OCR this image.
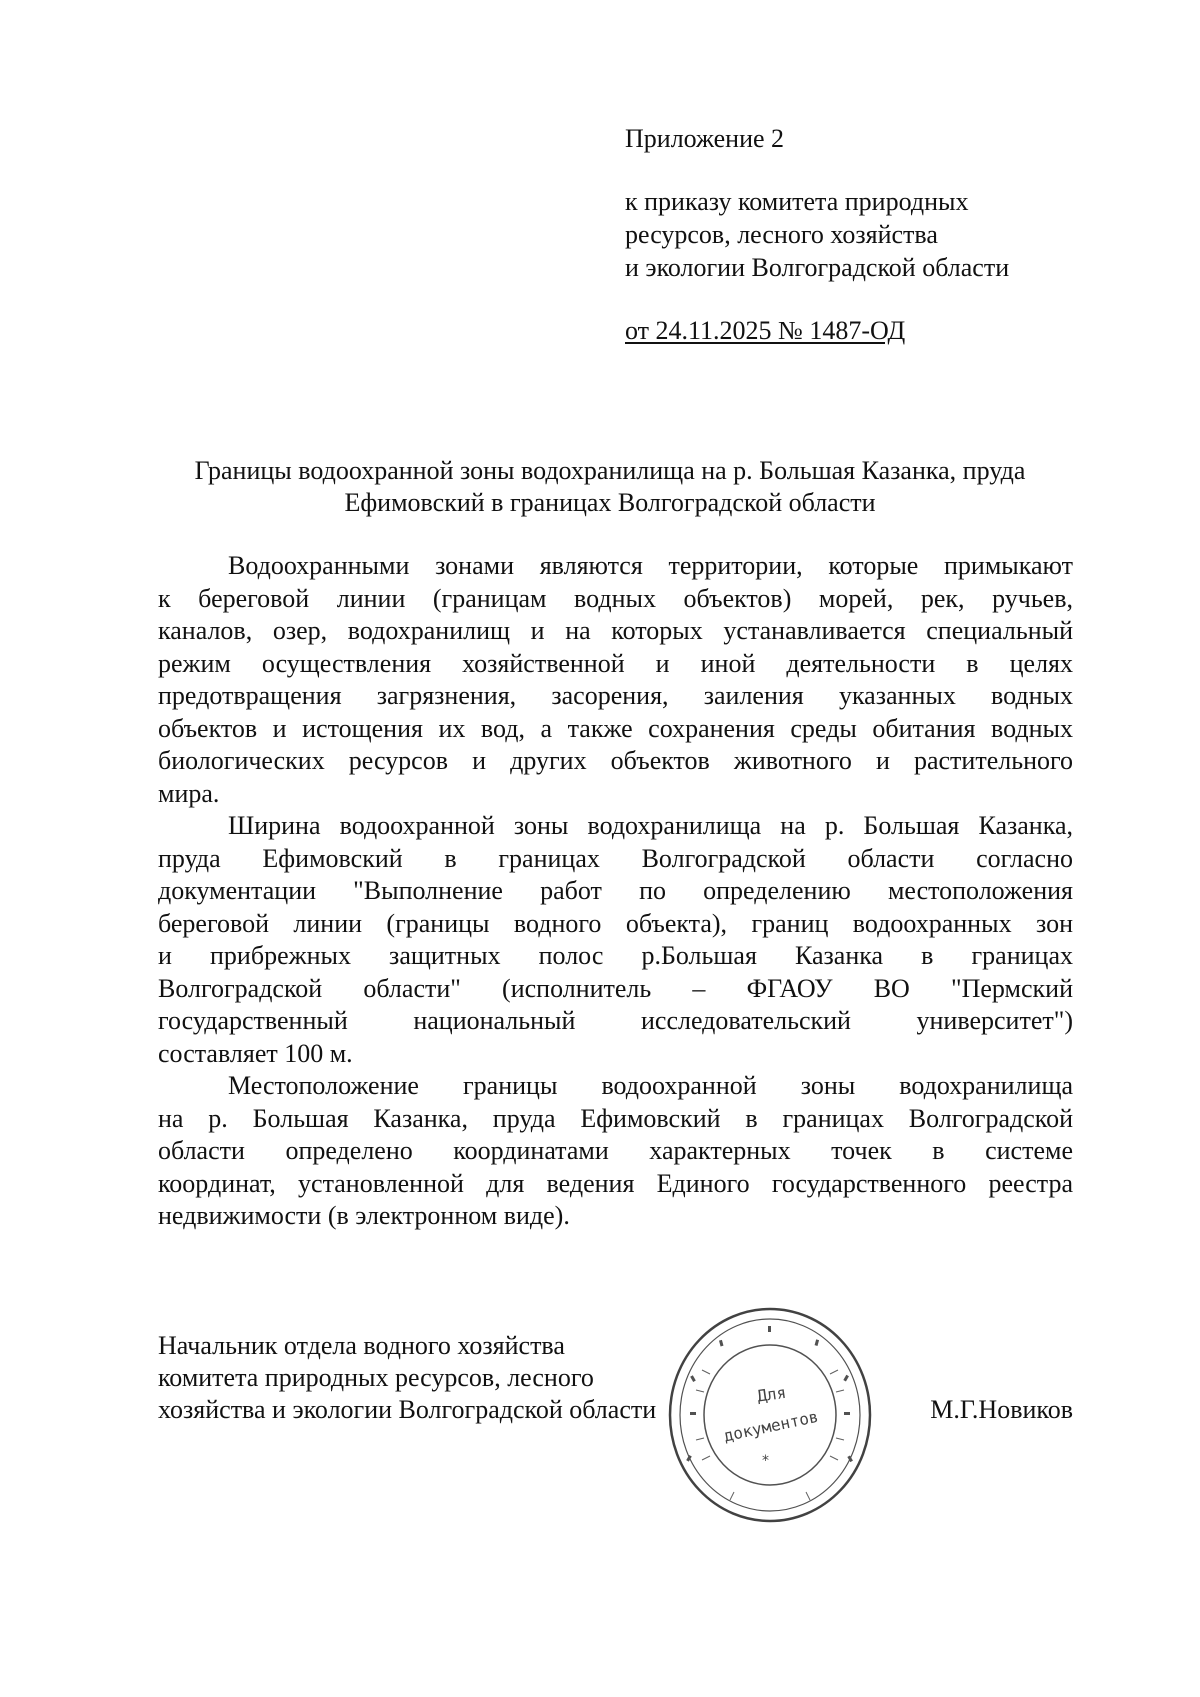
Приложение 2
к приказу комитета природных
ресурсов, лесного хозяйства
и экологии Волгоградской области
от 24.11.2025 № 1487-ОД
Границы водоохранной зоны водохранилища на р. Большая Казанка, пруда
Ефимовский в границах Волгоградской области
Водоохранными зонами являются территории, которые примыкают
к береговой линии (границам водных объектов) морей, рек, ручьев,
каналов, озер, водохранилищ и на которых устанавливается специальный
режим осуществления хозяйственной и иной деятельности в целях
предотвращения загрязнения, засорения, заиления указанных водных
объектов и истощения их вод, а также сохранения среды обитания водных
биологических ресурсов и других объектов животного и растительного
мира.
Ширина водоохранной зоны водохранилища на р. Большая Казанка,
пруда Ефимовский в границах Волгоградской области согласно
документации "Выполнение работ по определению местоположения
береговой линии (границы водного объекта), границ водоохранных зон
и прибрежных защитных полос р.Большая Казанка в границах
Волгоградской области" (исполнитель – ФГАОУ ВО "Пермский
государственный национальный исследовательский университет")
составляет 100 м.
Местоположение границы водоохранной зоны водохранилища
на р. Большая Казанка, пруда Ефимовский в границах Волгоградской
области определено координатами характерных точек в системе
координат, установленной для ведения Единого государственного реестра
недвижимости (в электронном виде).
Начальник отдела водного хозяйства
комитета природных ресурсов, лесного
хозяйства и экологии Волгоградской области	М.Г.Новиков
Для
документов
*
